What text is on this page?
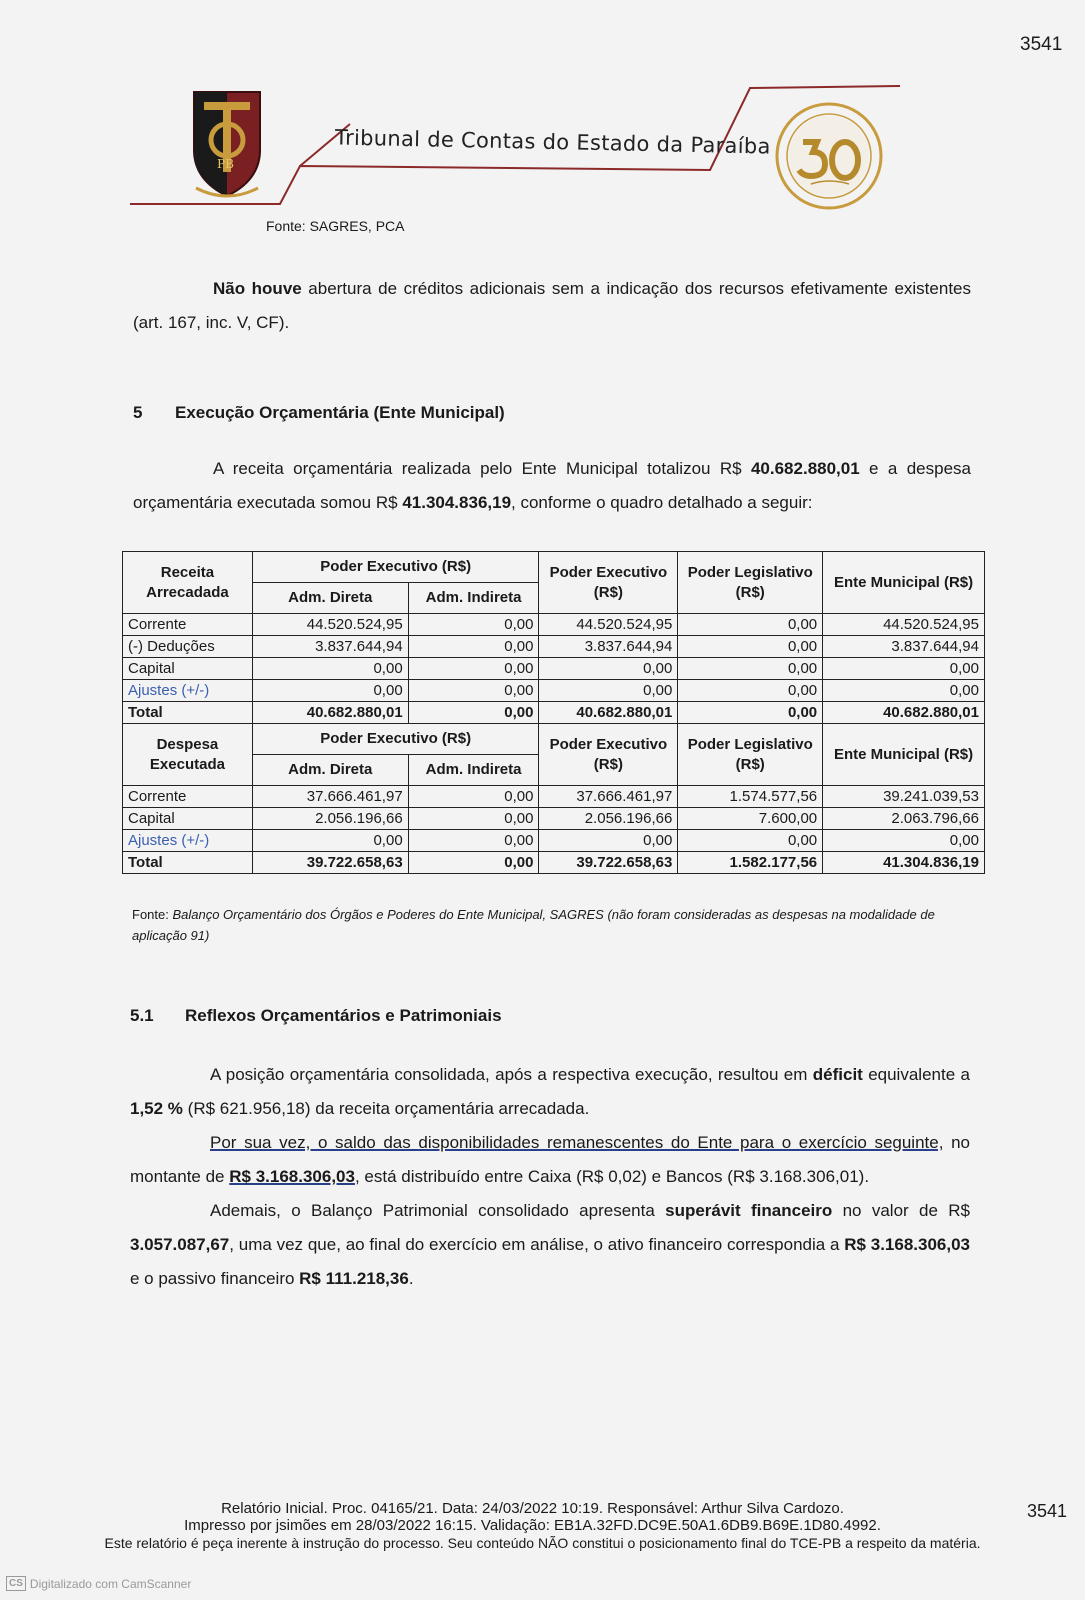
3541
PB
Tribunal de Contas do Estado da Paraíba
Fonte: SAGRES, PCA
Não houve abertura de créditos adicionais sem a indicação dos recursos efetivamente existentes (art. 167, inc. V, CF).
5 Execução Orçamentária (Ente Municipal)
A receita orçamentária realizada pelo Ente Municipal totalizou R$ 40.682.880,01 e a despesa orçamentária executada somou R$ 41.304.836,19, conforme o quadro detalhado a seguir:
Receita Arrecadada	Poder Executivo (R$)		Poder Executivo (R$)	Poder Legislativo (R$)	Ente Municipal (R$)
	Adm. Direta	Adm. Indireta			
Corrente	44.520.524,95	0,00	44.520.524,95	0,00	44.520.524,95
(-) Deduções	3.837.644,94	0,00	3.837.644,94	0,00	3.837.644,94
Capital	0,00	0,00	0,00	0,00	0,00
Ajustes (+/-)	0,00	0,00	0,00	0,00	0,00
Total	40.682.880,01	0,00	40.682.880,01	0,00	40.682.880,01
Despesa Executada	Poder Executivo (R$)		Poder Executivo (R$)	Poder Legislativo (R$)	Ente Municipal (R$)
	Adm. Direta	Adm. Indireta			
Corrente	37.666.461,97	0,00	37.666.461,97	1.574.577,56	39.241.039,53
Capital	2.056.196,66	0,00	2.056.196,66	7.600,00	2.063.796,66
Ajustes (+/-)	0,00	0,00	0,00	0,00	0,00
Total	39.722.658,63	0,00	39.722.658,63	1.582.177,56	41.304.836,19
Fonte: Balanço Orçamentário dos Órgãos e Poderes do Ente Municipal, SAGRES (não foram consideradas as despesas na modalidade de aplicação 91)
5.1 Reflexos Orçamentários e Patrimoniais
A posição orçamentária consolidada, após a respectiva execução, resultou em déficit equivalente a 1,52 % (R$ 621.956,18) da receita orçamentária arrecadada.
Por sua vez, o saldo das disponibilidades remanescentes do Ente para o exercício seguinte, no montante de R$ 3.168.306,03, está distribuído entre Caixa (R$ 0,02) e Bancos (R$ 3.168.306,01).
Ademais, o Balanço Patrimonial consolidado apresenta superávit financeiro no valor de R$ 3.057.087,67, uma vez que, ao final do exercício em análise, o ativo financeiro correspondia a R$ 3.168.306,03 e o passivo financeiro R$ 111.218,36.
Relatório Inicial. Proc. 04165/21. Data: 24/03/2022 10:19. Responsável: Arthur Silva Cardozo.
Impresso por jsimões em 28/03/2022 16:15. Validação: EB1A.32FD.DC9E.50A1.6DB9.B69E.1D80.4992.
Este relatório é peça inerente à instrução do processo. Seu conteúdo NÃO constitui o posicionamento final do TCE-PB a respeito da matéria.
3541
CS Digitalizado com CamScanner
